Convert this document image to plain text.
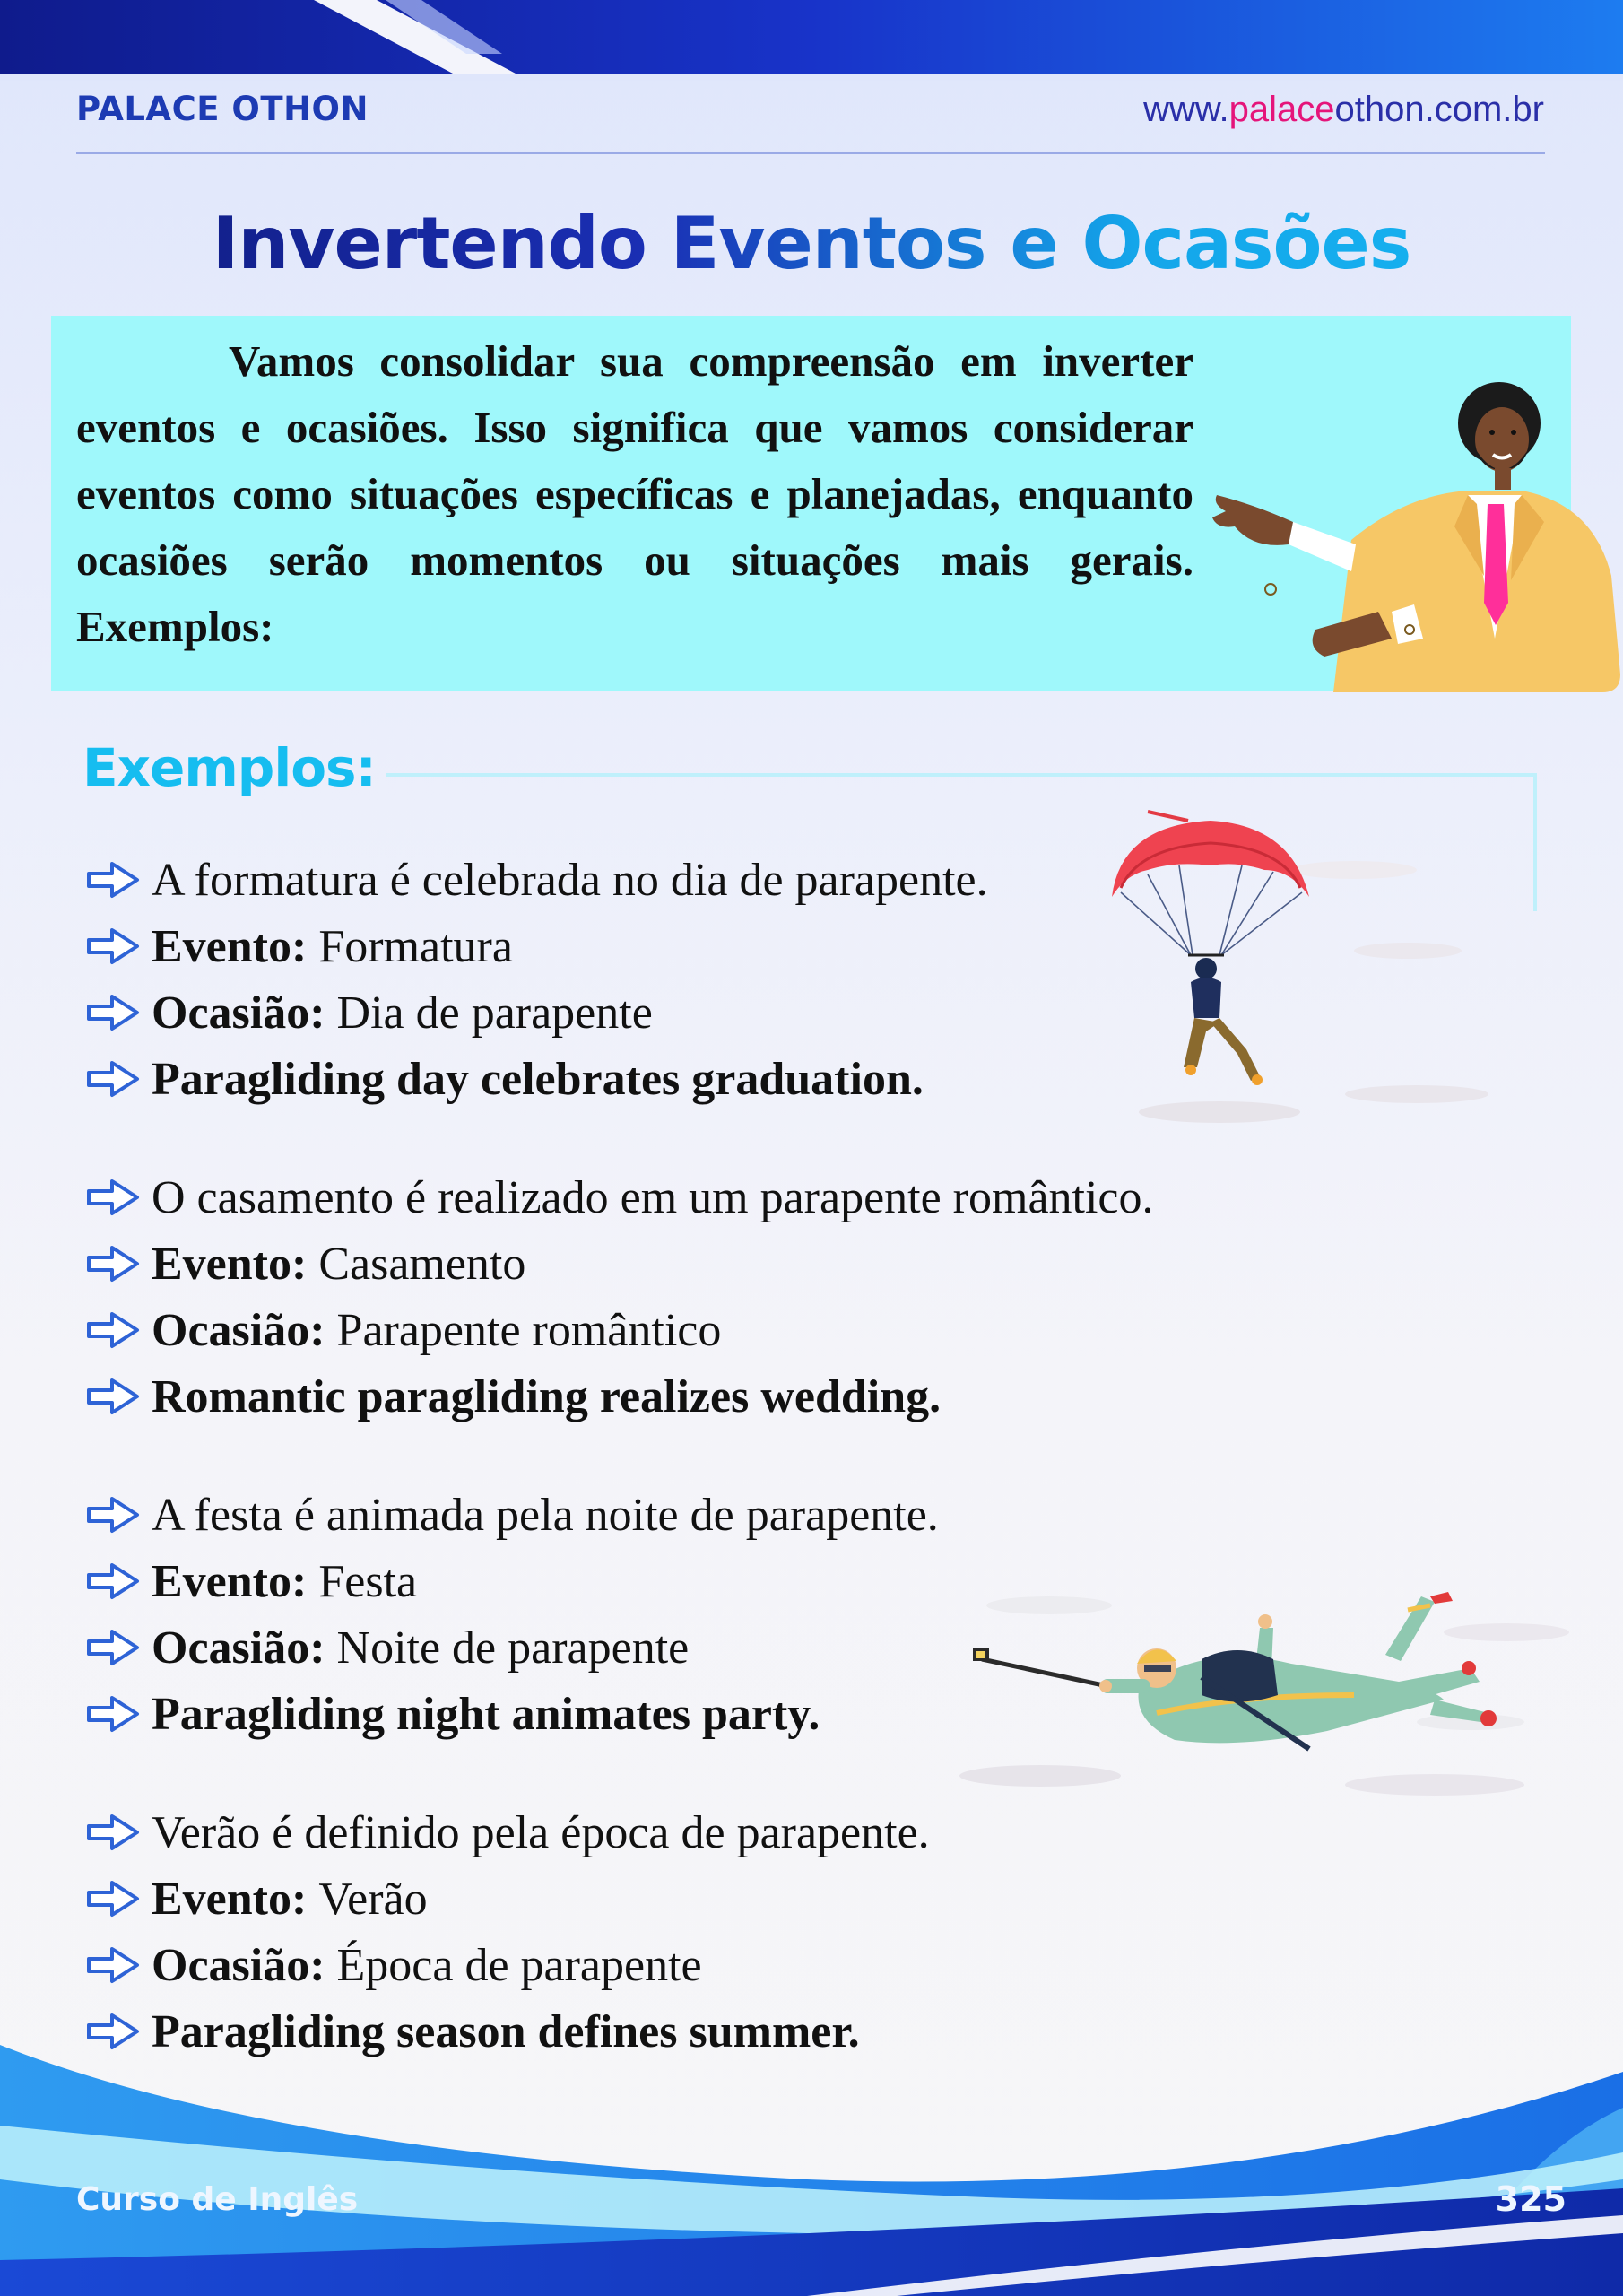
PALACE OTHON	www.palaceothon.com.br
Invertendo Eventos e Ocasões
Vamos consolidar sua compreensão em inverter eventos e ocasiões. Isso significa que vamos considerar eventos como situações específicas e planejadas, enquanto ocasiões serão momentos ou situações mais gerais. Exemplos:
Exemplos:
A formatura é celebrada no dia de parapente.
Evento:
Formatura
Ocasião:
Dia de parapente
Paragliding day celebrates graduation.
O casamento é realizado em um parapente romântico.
Evento:
Casamento
Ocasião:
Parapente romântico
Romantic paragliding realizes wedding.
A festa é animada pela noite de parapente.
Evento:
Festa
Ocasião:
Noite de parapente
Paragliding night animates party.
Verão é definido pela época de parapente.
Evento:
Verão
Ocasião:
Época de parapente
Paragliding season defines summer.
Curso de Inglês	325
